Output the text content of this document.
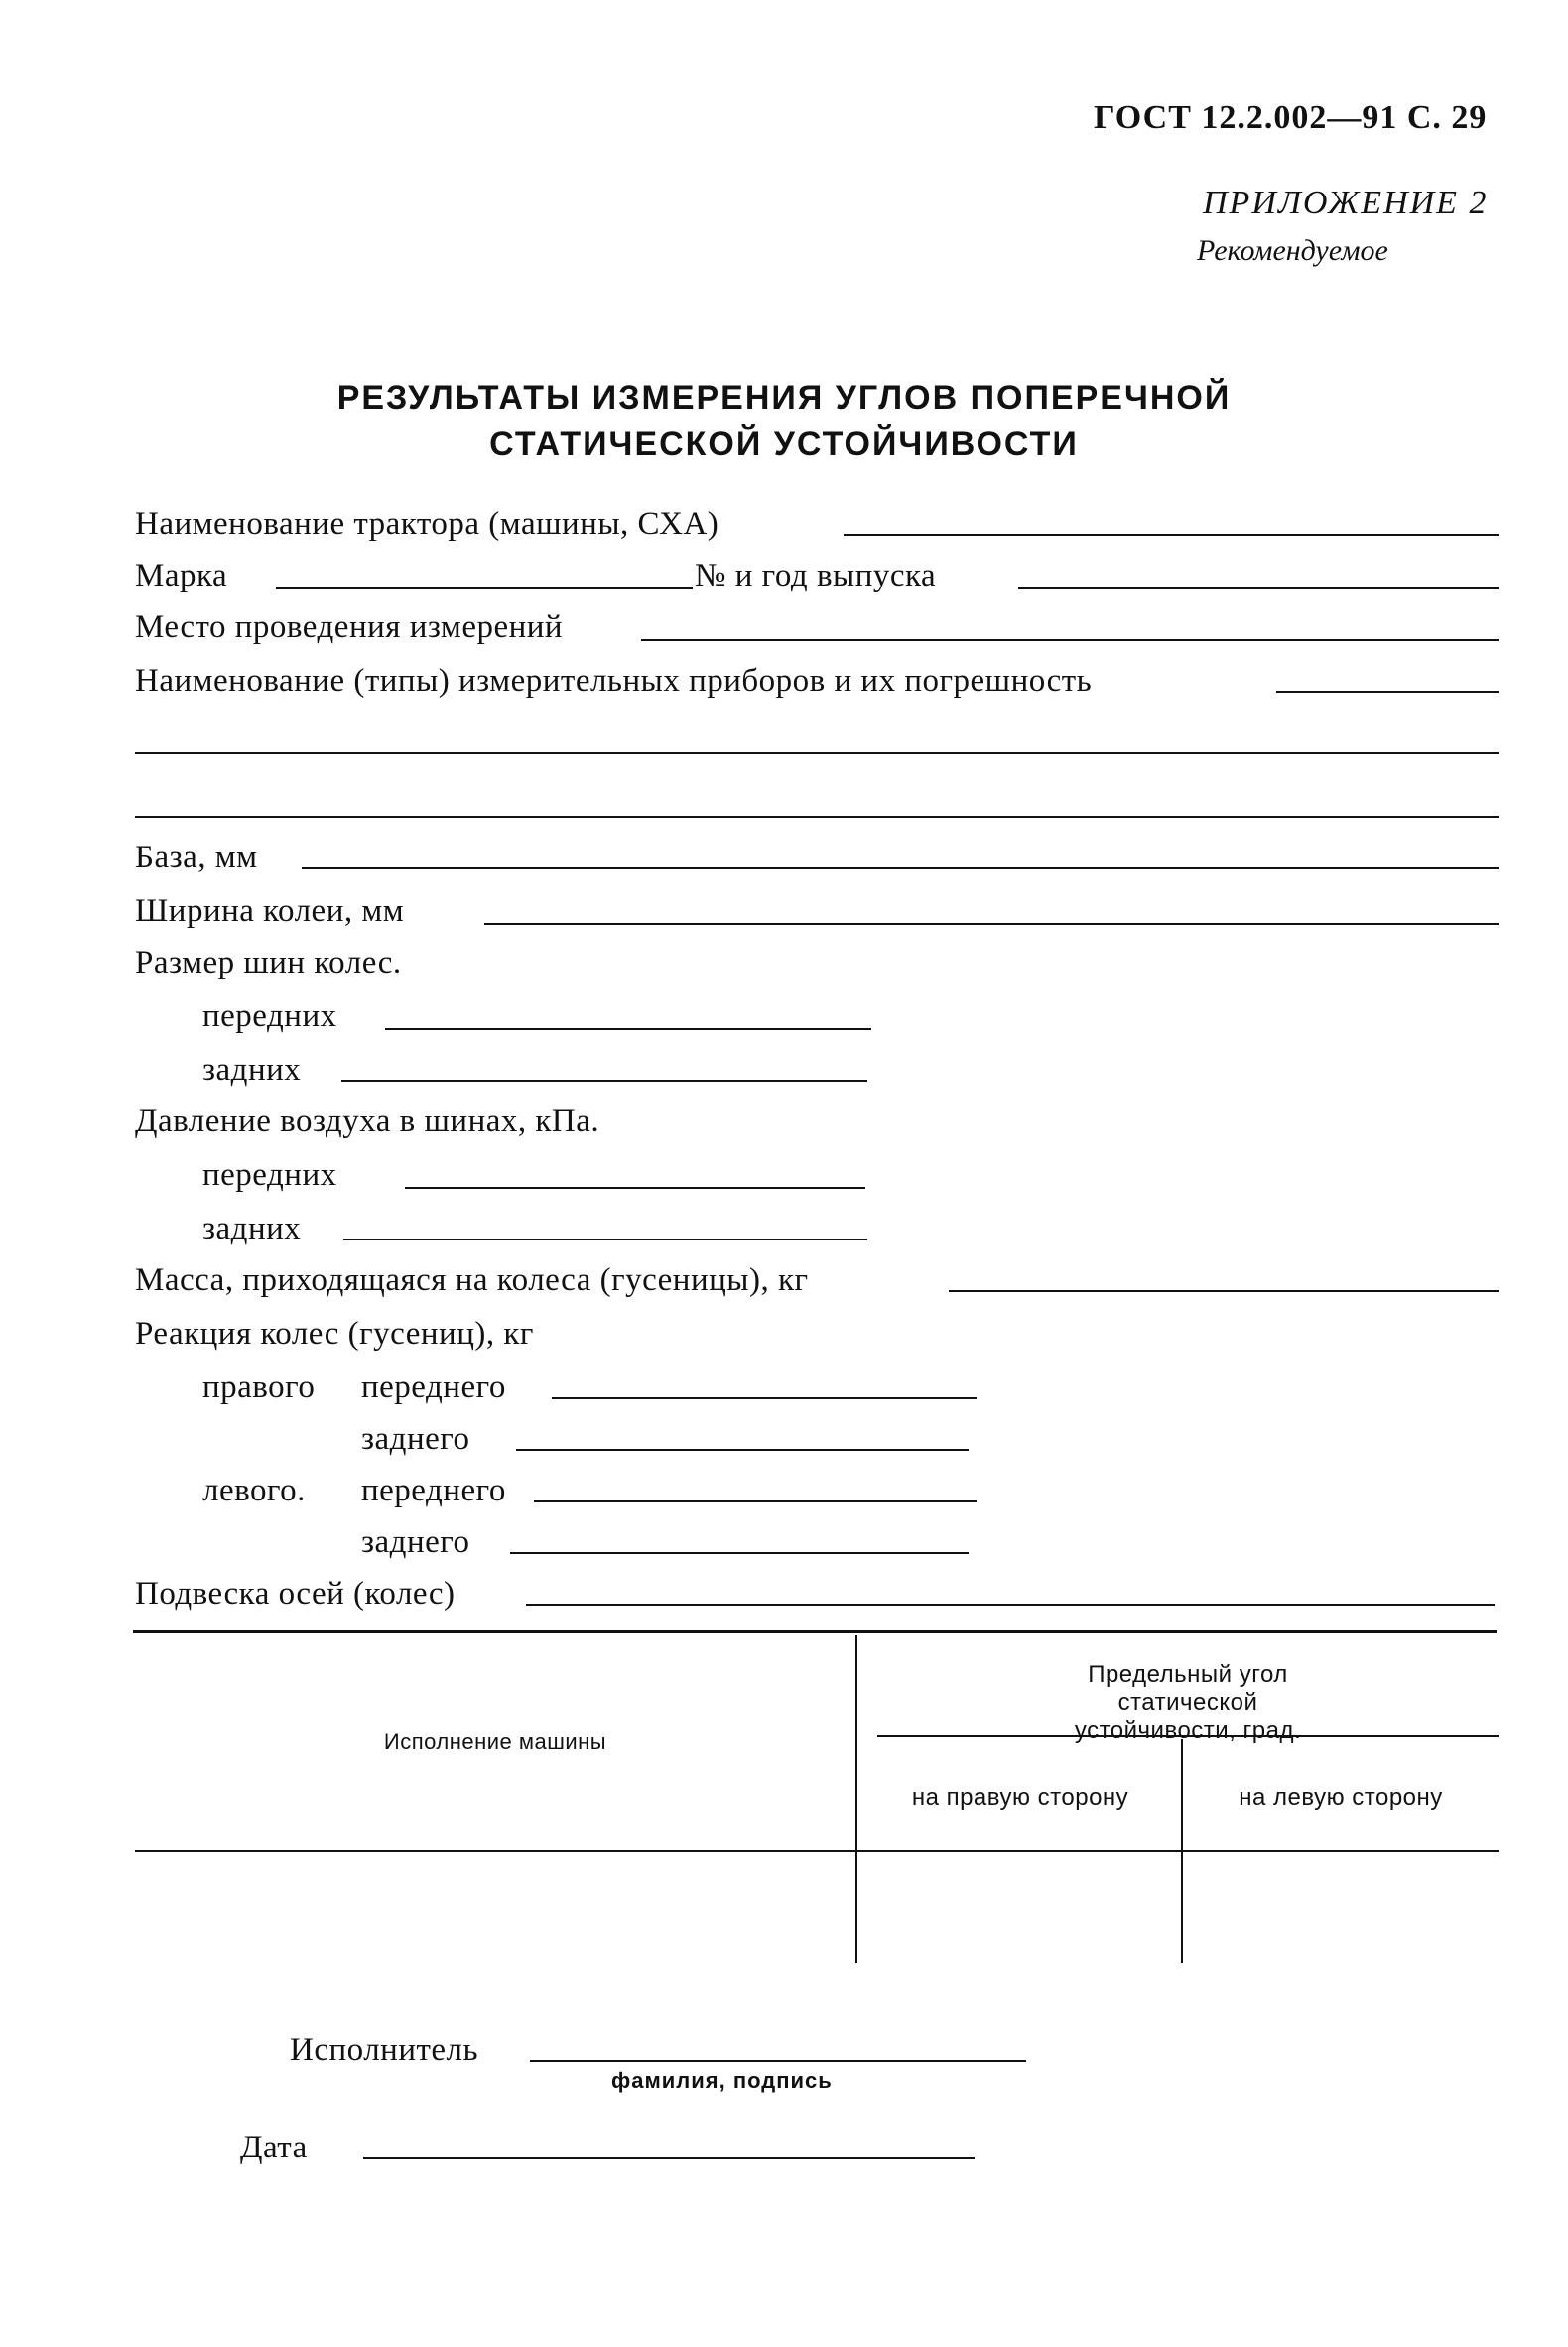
ГОСТ 12.2.002—91 С. 29
ПРИЛОЖЕНИЕ 2
Рекомендуемое
РЕЗУЛЬТАТЫ ИЗМЕРЕНИЯ УГЛОВ ПОПЕРЕЧНОЙ
СТАТИЧЕСКОЙ УСТОЙЧИВОСТИ
Наименование трактора (машины, СХА)
Марка	№ и год выпуска
Место проведения измерений
Наименование (типы) измерительных приборов и их погрешность
База, мм
Ширина колеи, мм
Размер шин колес.
передних
задних
Давление воздуха в шинах, кПа.
передних
задних
Масса, приходящаяся на колеса (гусеницы), кг
Реакция колес (гусениц), кг
правого переднего
заднего
левого. переднего
заднего
Подвеска осей (колес)
Исполнение машины
Предельный угол статической устойчивости, град.
на правую сторону	на левую сторону
Исполнитель
фамилия, подпись
Дата
